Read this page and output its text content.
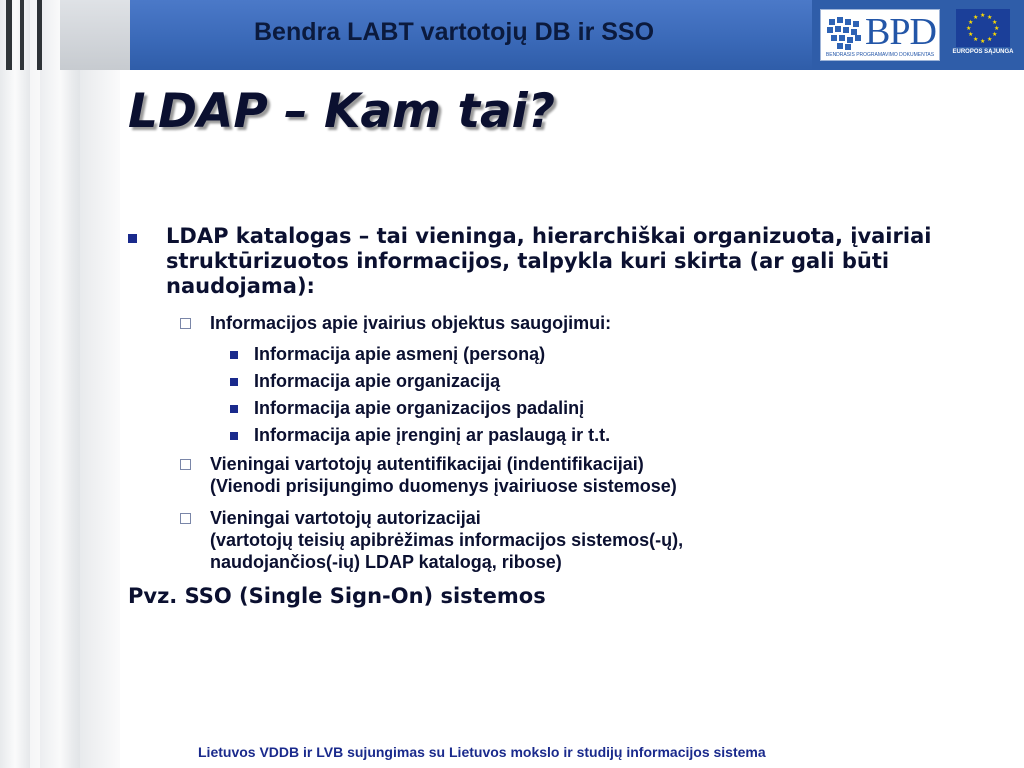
Bendra LABT vartotojų DB ir SSO	BPD
BENDRASIS PROGRAMAVIMO DOKUMENTAS
★ ★
★
★
★
★
★
★
★
★
★
★
EUROPOS SĄJUNGA
LDAP – Kam tai?
LDAP katalogas – tai vieninga, hierarchiškai organizuota, įvairiai struktūrizuotos informacijos, talpykla kuri skirta (ar gali būti naudojama):
Informacijos apie įvairius objektus saugojimui:
Informacija apie asmenį (personą)
Informacija apie organizaciją
Informacija apie organizacijos padalinį
Informacija apie įrenginį ar paslaugą ir t.t.
Vieningai vartotojų autentifikacijai (indentifikacijai)
(Vienodi prisijungimo duomenys įvairiuose sistemose)
Vieningai vartotojų autorizacijai
(vartotojų teisių apibrėžimas informacijos sistemos(-ų),
naudojančios(-ių) LDAP katalogą, ribose)
Pvz. SSO (Single Sign-On) sistemos
Lietuvos VDDB ir LVB sujungimas su Lietuvos mokslo ir studijų informacijos sistema
